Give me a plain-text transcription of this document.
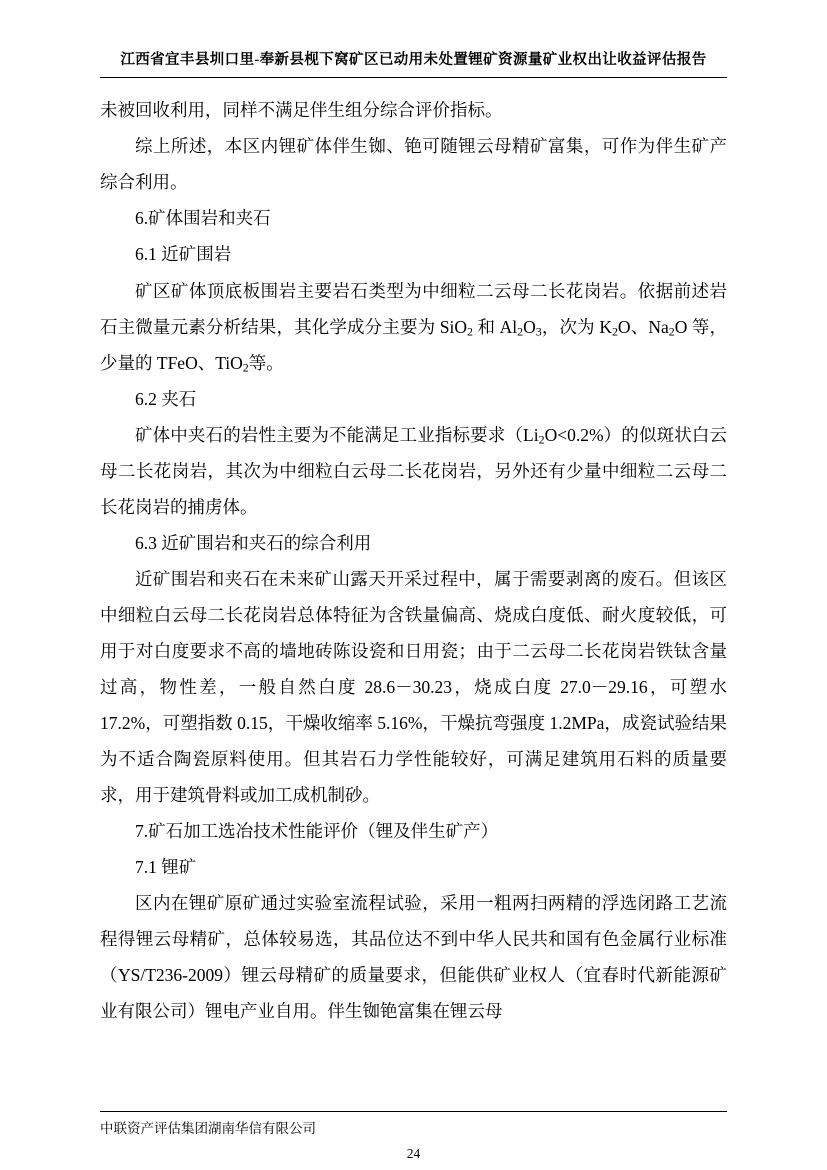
江西省宜丰县圳口里-奉新县枧下窝矿区已动用未处置锂矿资源量矿业权出让收益评估报告

未被回收利用，同样不满足伴生组分综合评价指标。

综上所述，本区内锂矿体伴生铷、铯可随锂云母精矿富集，可作为伴生矿产综合利用。

6.矿体围岩和夹石

6.1 近矿围岩

矿区矿体顶底板围岩主要岩石类型为中细粒二云母二长花岗岩。依据前述岩石主微量元素分析结果，其化学成分主要为 SiO$_2$ 和 $Al_2O_3$，次为 $K_2O$、$Na_2O$ 等，少量的 TFeO、TiO$_2$等。

6.2 夹石

矿体中夹石的岩性主要为不能满足工业指标要求$(Li_2O<0.2\%)$的似斑状白云母二长花岗岩，其次为中细粒白云母二长花岗岩，另外还有少量中细粒二云母二长花岗岩的捕虏体。

6.3 近矿围岩和夹石的综合利用

近矿围岩和夹石在未来矿山露天开采过程中，属于需要剥离的废石。但该区中细粒白云母二长花岗岩总体特征为含铁量偏高、烧成白度低、耐火度较低，可用于对白度要求不高的墙地砖陈设瓷和日用瓷；由于二云母二长花岗岩铁钛含量过高，物性差，一般自然白度 28.6－30.23，烧成白度 27.0－29.16，可塑水 17.2%，可塑指数 0.15，干燥收缩率 5.16%，干燥抗弯强度 1.2MPa，成瓷试验结果为不适合陶瓷原料使用。但其岩石力学性能较好，可满足建筑用石料的质量要求，用于建筑骨料或加工成机制砂。

7.矿石加工选冶技术性能评价（锂及伴生矿产）

7.1 锂矿

区内在锂矿原矿通过实验室流程试验，采用一粗两扫两精的浮选闭路工艺流程得锂云母精矿，总体较易选，其品位达不到中华人民共和国有色金属行业标准（YS/T236-2009）锂云母精矿的质量要求，但能供矿业权人（宜春时代新能源矿业有限公司）锂电产业自用。伴生铷铯富集在锂云母

中联资产评估集团湖南华信有限公司
24
